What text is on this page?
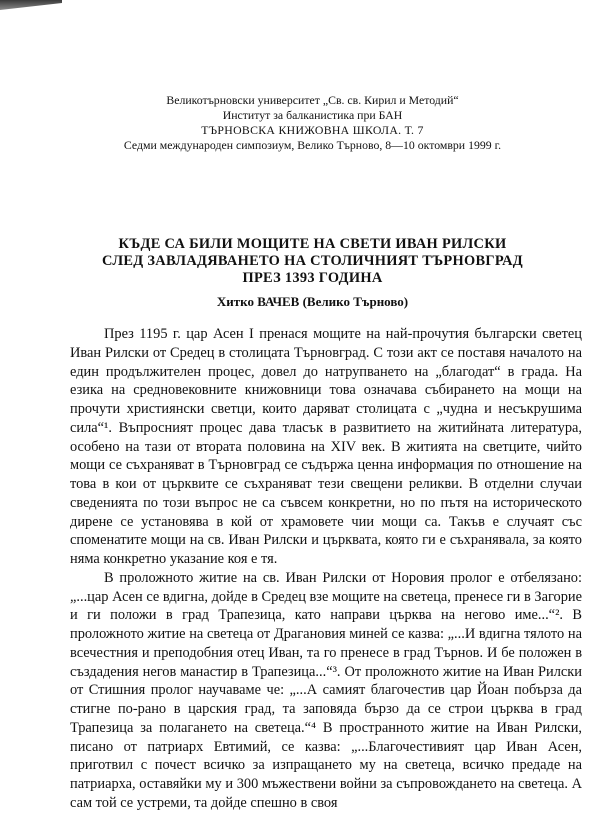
Великотърновски университет „Св. св. Кирил и Методий“
Институт за балканистика при БАН
ТЪРНОВСКА КНИЖОВНА ШКОЛА. Т. 7
Седми международен симпозиум, Велико Търново, 8—10 октомври 1999 г.
КЪДЕ СА БИЛИ МОЩИТЕ НА СВЕТИ ИВАН РИЛСКИ
СЛЕД ЗАВЛАДЯВАНЕТО НА СТОЛИЧНИЯТ ТЪРНОВГРАД
ПРЕЗ 1393 ГОДИНА
Хитко ВАЧЕВ (Велико Търново)

През 1195 г. цар Асен I пренася мощите на най-прочутия български светец Иван Рилски от Средец в столицата Търновград. С този акт се поставя началото на един продължителен процес, довел до натрупването на „благодат“ в града. На езика на средновековните книжовници това означава събирането на мощи на прочути християнски светци, които даряват столицата с „чудна и несъкрушима сила“¹. Въпросният процес дава тласък в развитието на житийната литература, особено на тази от втората половина на XIV век. В житията на светците, чийто мощи се съхраняват в Търновград се съдържа ценна информация по отношение на това в кои от църквите се съхраняват тези свещени реликви. В отделни случаи сведенията по този въпрос не са съвсем конкретни, но по пътя на историческото дирене се установява в кой от храмовете чии мощи са. Такъв е случаят със споменатите мощи на св. Иван Рилски и църквата, която ги е съхранявала, за която няма конкретно указание коя е тя.

В проложното житие на св. Иван Рилски от Норовия пролог е отбелязано: „...цар Асен се вдигна, дойде в Средец взе мощите на светеца, пренесе ги в Загорие и ги положи в град Трапезица, като направи църква на негово име...“². В проложното житие на светеца от Драгановия миней се казва: „...И вдигна тялото на всечестния и преподобния отец Иван, та го пренесе в град Търнов. И бе положен в създадения негов манастир в Трапезица...“³. От проложното житие на Иван Рилски от Стишния пролог научаваме че: „...А самият благочестив цар Йоан побърза да стигне по-рано в царския град, та заповяда бързо да се строи църква в град Трапезица за полагането на светеца.“⁴ В пространното житие на Иван Рилски, писано от патриарх Евтимий, се казва: „...Благочестивият цар Иван Асен, приготвил с почест всичко за изпращането му на светеца, всичко предаде на патриарха, оставяйки му и 300 мъжествени войни за съпровождането на светеца. А сам той се устреми, та дойде спешно в своя
